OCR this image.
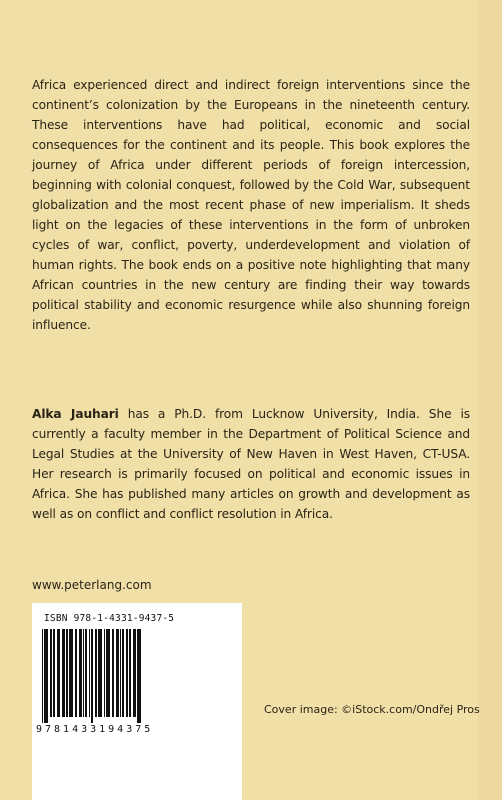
Africa experienced direct and indirect foreign interventions since the continent’s colonization by the Europeans in the nineteenth century. These interventions have had political, economic and social consequences for the continent and its people. This book explores the journey of Africa under different periods of foreign intercession, beginning with colonial conquest, followed by the Cold War, subsequent globalization and the most recent phase of new imperialism. It sheds light on the legacies of these interventions in the form of unbroken cycles of war, conflict, poverty, underdevelopment and violation of human rights. The book ends on a positive note highlighting that many African countries in the new century are finding their way towards political stability and economic resurgence while also shunning foreign influence.

Alka Jauhari has a Ph.D. from Lucknow University, India. She is currently a faculty member in the Department of Political Science and Legal Studies at the University of New Haven in West Haven, CT-USA. Her research is primarily focused on political and economic issues in Africa. She has published many articles on growth and development as well as on conflict and conflict resolution in Africa.

www.peterlang.com

ISBN 978-1-4331-9437-5
9781433194375

Cover image: ©iStock.com/Ondřej Pros
